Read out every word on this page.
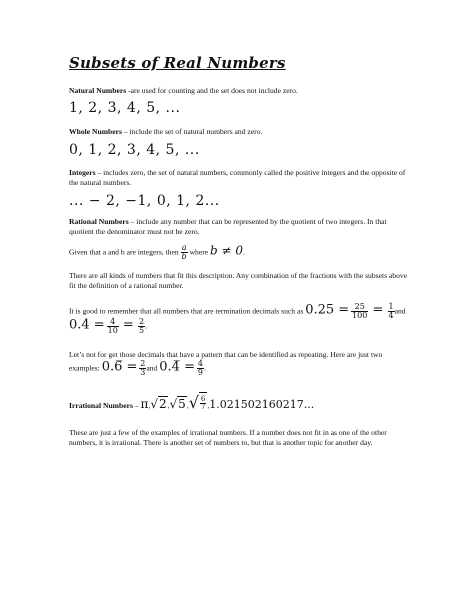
Subsets of Real Numbers
Natural Numbers -are used for counting and the set does not include zero.
1, 2, 3, 4, 5, ...
Whole Numbers – include the set of natural numbers and zero.
0, 1, 2, 3, 4, 5, ...
Integers – includes zero, the set of natural numbers, commonly called the positive integers and the opposite of the natural numbers.
... − 2, −1, 0, 1, 2...
Rational Numbers – include any number that can be represented by the quotient of two integers. In that quotient the denominator must not be zero.
Given that a and b are integers, then $\frac{a}{b}$ where b ≠ 0.
There are all kinds of numbers that fit this description. Any combination of the fractions with the subsets above fit the definition of a rational number.
It is good to remember that all numbers that are termination decimals such as $0.25 = \frac{25}{100} = \frac{1}{4}$ and
$0.4 = \frac{4}{10} = \frac{2}{5}$ .
Let’s not for get those decimals that have a pattern that can be identified as repeating. Here are just two examples: 0.6̅ = $\frac{2}{3}$ and 0.4̅ = $\frac{4}{9}$ .
Irrational Numbers – $\pi,√2,√5,√ \frac{6}{7} ,1.021502160217$...
These are just a few of the examples of irrational numbers. If a number does not fit in as one of the other numbers, it is irrational. There is another set of numbers to, but that is another topic for another day.
